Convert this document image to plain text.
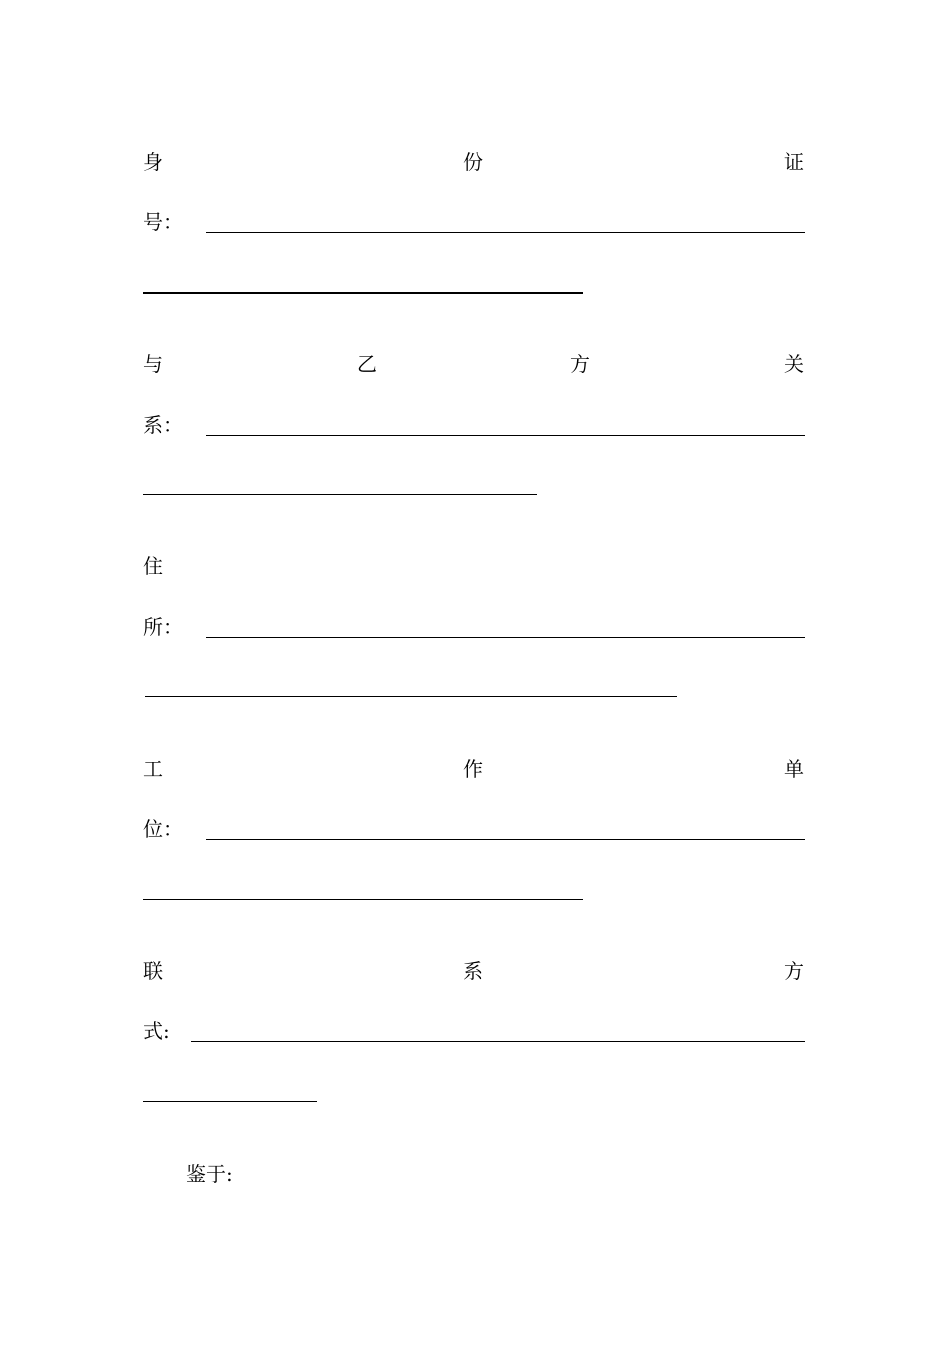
身	份	证
号：
与	乙	方	关
系：
住
所：
工	作	单
位：
联	系	方
式:
鉴于:
